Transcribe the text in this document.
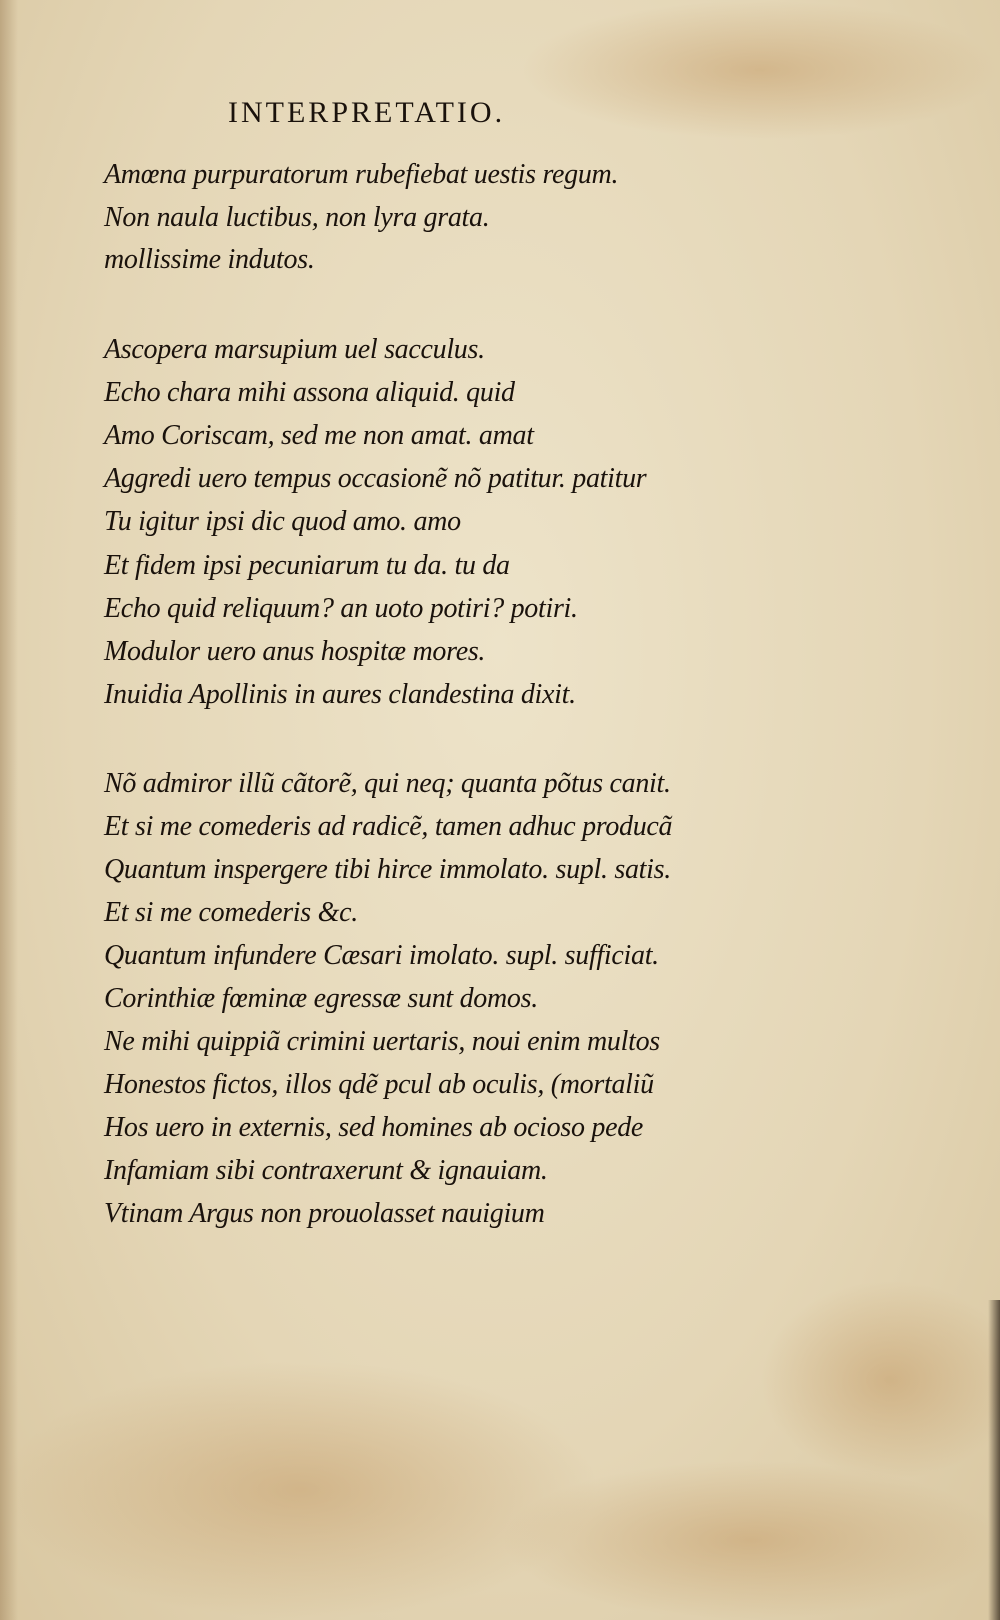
INTERPRETATIO.
Amœna purpuratorum rubefiebat uestis regum.
Non naula luctibus, non lyra grata.
mollissime indutos.
Ascopera marsupium uel sacculus.
Echo chara mihi assona aliquid. quid
Amo Coriscam, sed me non amat. amat
Aggredi uero tempus occasionẽ nõ patitur. patitur
Tu igitur ipsi dic quod amo. amo
Et fidem ipsi pecuniarum tu da. tu da
Echo quid reliquum? an uoto potiri? potiri.
Modulor uero anus hospitæ mores.
Inuidia Apollinis in aures clandestina dixit.
Nõ admiror illũ cãtorẽ, qui neq; quanta põtus canit.
Et si me comederis ad radicẽ, tamen adhuc producã
Quantum inspergere tibi hirce immolato. supl. satis.
Et si me comederis &c.
Quantum infundere Cæsari imolato. supl. sufficiat.
Corinthiæ fœminæ egressæ sunt domos.
Ne mihi quippiã crimini uertaris, noui enim multos
Honestos fictos, illos qdẽ pcul ab oculis, (mortaliũ
Hos uero in externis, sed homines ab ocioso pede
Infamiam sibi contraxerunt & ignauiam.
Vtinam Argus non prouolasset nauigium
